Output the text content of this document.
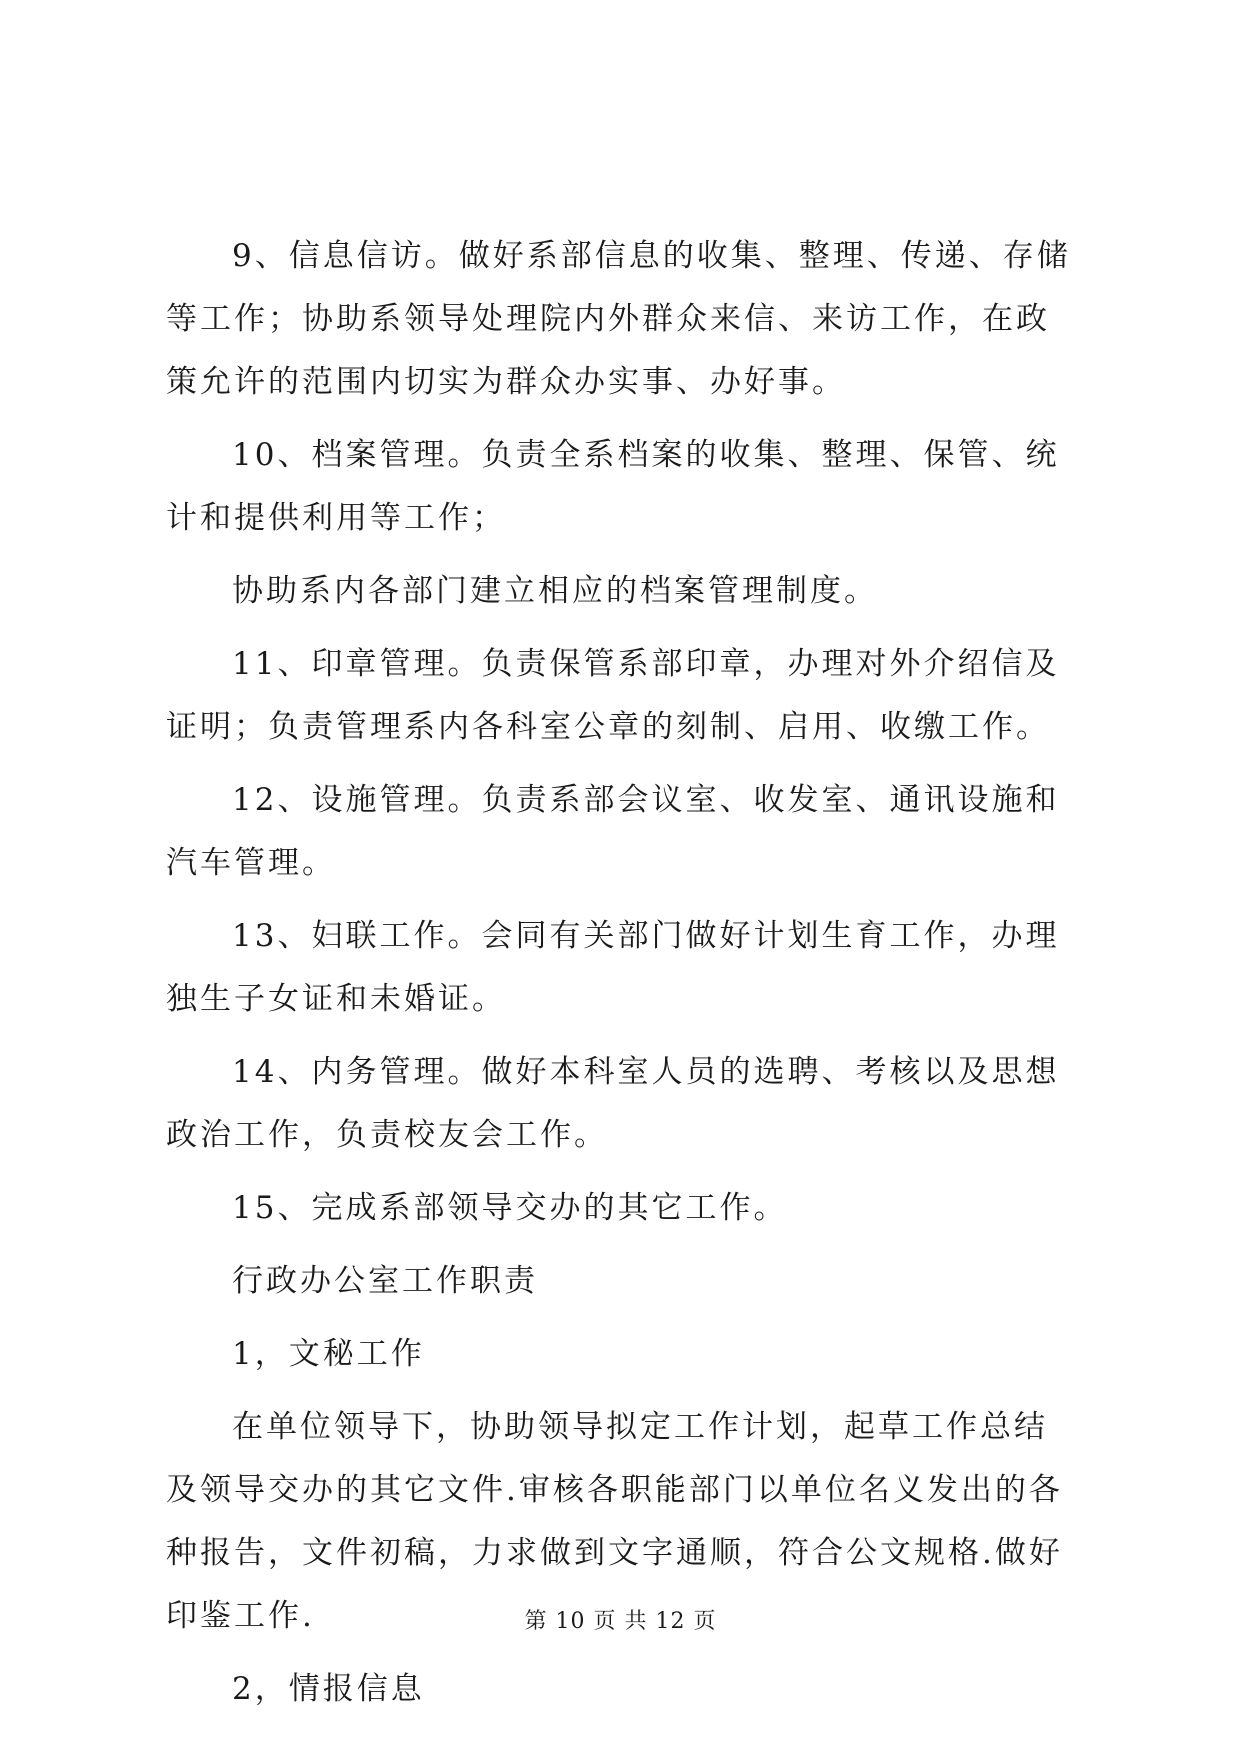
9、信息信访。做好系部信息的收集、整理、传递、存储等工作；协助系领导处理院内外群众来信、来访工作，在政策允许的范围内切实为群众办实事、办好事。

10、档案管理。负责全系档案的收集、整理、保管、统计和提供利用等工作；

协助系内各部门建立相应的档案管理制度。

11、印章管理。负责保管系部印章，办理对外介绍信及证明；负责管理系内各科室公章的刻制、启用、收缴工作。

12、设施管理。负责系部会议室、收发室、通讯设施和汽车管理。

13、妇联工作。会同有关部门做好计划生育工作，办理独生子女证和未婚证。

14、内务管理。做好本科室人员的选聘、考核以及思想政治工作，负责校友会工作。

15、完成系部领导交办的其它工作。

行政办公室工作职责

1，文秘工作

在单位领导下，协助领导拟定工作计划，起草工作总结及领导交办的其它文件.审核各职能部门以单位名义发出的各种报告，文件初稿，力求做到文字通顺，符合公文规格.做好印鉴工作.

2，情报信息

第 10 页 共 12 页
